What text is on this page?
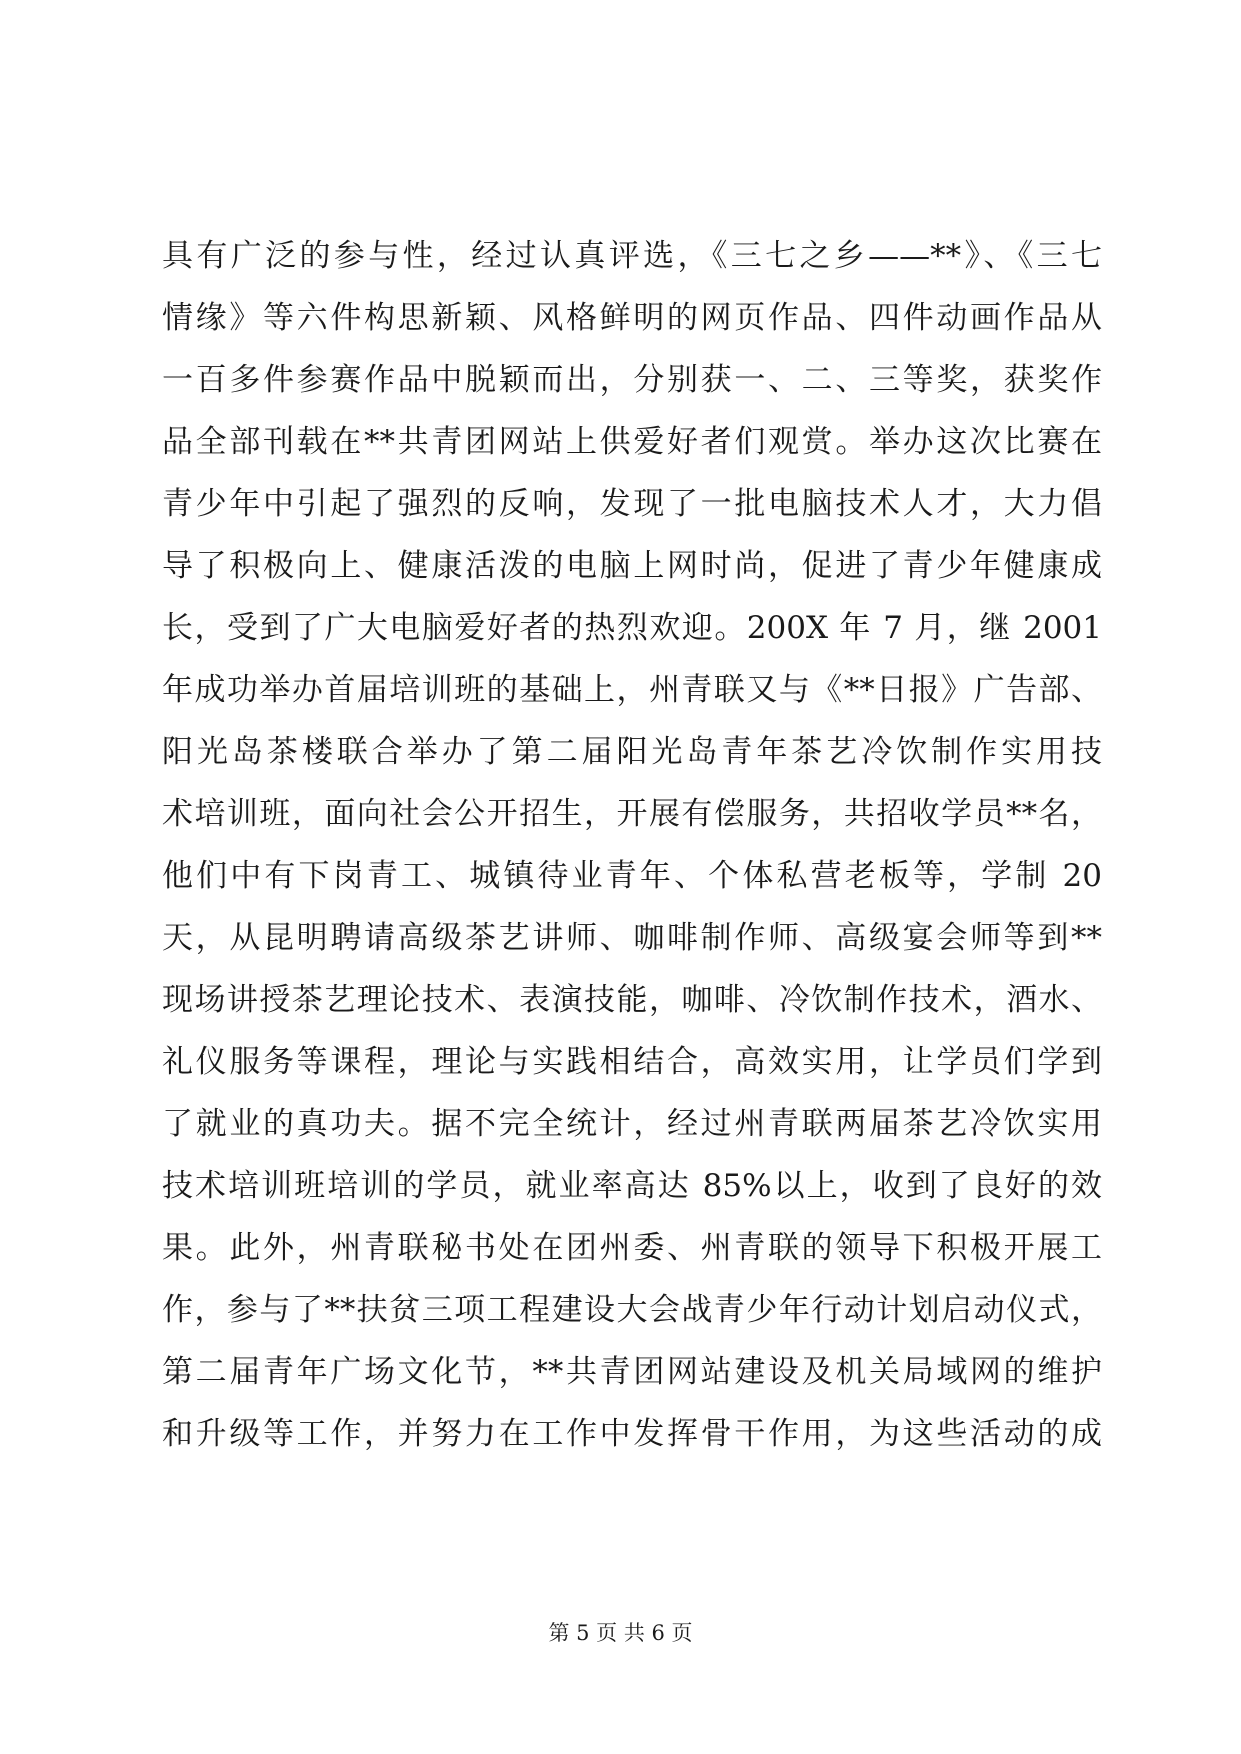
具有广泛的参与性，经过认真评选，《三七之乡——**》、《三七
情缘》等六件构思新颖、风格鲜明的网页作品、四件动画作品从
一百多件参赛作品中脱颖而出，分别获一、二、三等奖，获奖作
品全部刊载在**共青团网站上供爱好者们观赏。举办这次比赛在
青少年中引起了强烈的反响，发现了一批电脑技术人才，大力倡
导了积极向上、健康活泼的电脑上网时尚，促进了青少年健康成
长，受到了广大电脑爱好者的热烈欢迎。200X 年 7 月，继 2001
年成功举办首届培训班的基础上，州青联又与《**日报》广告部、
阳光岛茶楼联合举办了第二届阳光岛青年茶艺冷饮制作实用技
术培训班，面向社会公开招生，开展有偿服务，共招收学员**名，
他们中有下岗青工、城镇待业青年、个体私营老板等，学制 20
天，从昆明聘请高级茶艺讲师、咖啡制作师、高级宴会师等到**
现场讲授茶艺理论技术、表演技能，咖啡、冷饮制作技术，酒水、
礼仪服务等课程，理论与实践相结合，高效实用，让学员们学到
了就业的真功夫。据不完全统计，经过州青联两届茶艺冷饮实用
技术培训班培训的学员，就业率高达 85%以上，收到了良好的效
果。此外，州青联秘书处在团州委、州青联的领导下积极开展工
作，参与了**扶贫三项工程建设大会战青少年行动计划启动仪式，
第二届青年广场文化节，**共青团网站建设及机关局域网的维护
和升级等工作，并努力在工作中发挥骨干作用，为这些活动的成
第 5 页 共 6 页
